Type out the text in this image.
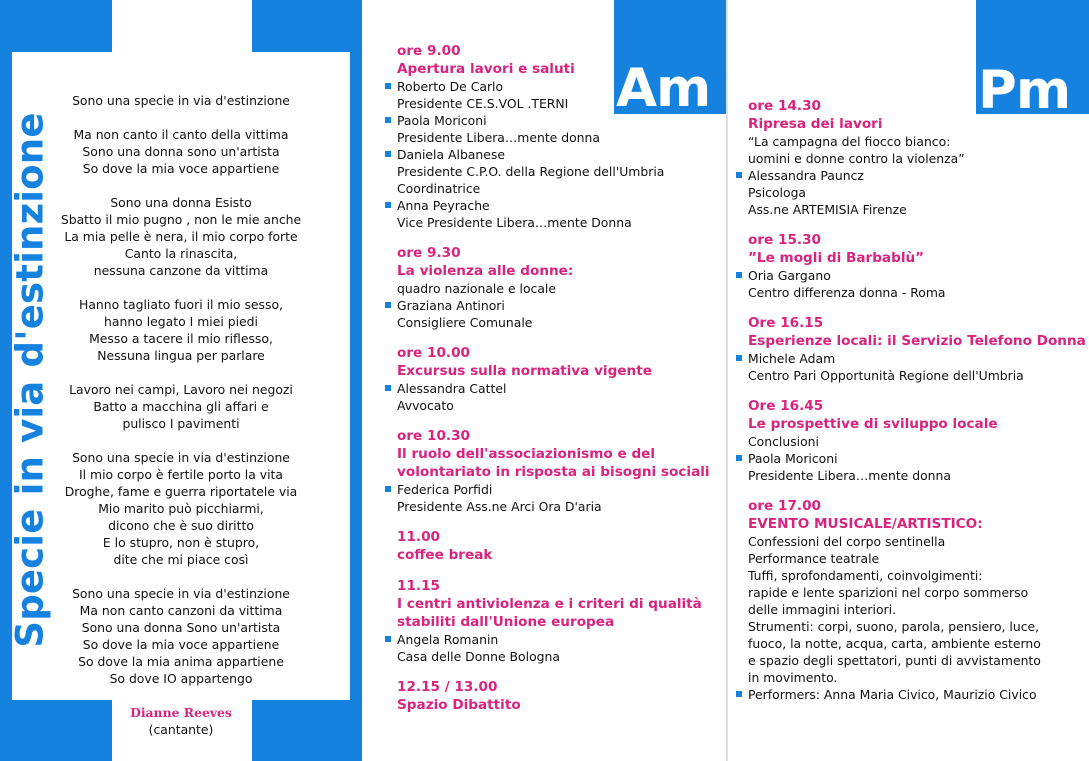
Specie in via d'estinzione
Sono una specie in via d'estinzione
Ma non canto il canto della vittima
Sono una donna sono un'artista
So dove la mia voce appartiene
Sono una donna Esisto
Sbatto il mio pugno , non le mie anche
La mia pelle è nera, il mio corpo forte
Canto la rinascita,
nessuna canzone da vittima
Hanno tagliato fuori il mio sesso,
hanno legato I miei piedi
Messo a tacere il mio riflesso,
Nessuna lingua per parlare
Lavoro nei campi, Lavoro nei negozi
Batto a macchina gli affari e
pulisco I pavimenti
Sono una specie in via d'estinzione
Il mio corpo è fertile porto la vita
Droghe, fame e guerra riportatele via
Mio marito può picchiarmi,
dicono che è suo diritto
E lo stupro, non è stupro,
dite che mi piace così
Sono una specie in via d'estinzione
Ma non canto canzoni da vittima
Sono una donna Sono un'artista
So dove la mia voce appartiene
So dove la mia anima appartiene
So dove IO appartengo
Dianne Reeves
(cantante)
Am
ore 9.00
Apertura lavori e saluti
Roberto De Carlo
Presidente CE.S.VOL .TERNI
Paola Moriconi
Presidente Libera…mente donna
Daniela Albanese
Presidente C.P.O. della Regione dell'Umbria
Coordinatrice
Anna Peyrache
Vice Presidente Libera…mente Donna
ore 9.30
La violenza alle donne:
quadro nazionale e locale
Graziana Antinori
Consigliere Comunale
ore 10.00
Excursus sulla normativa vigente
Alessandra Cattel
Avvocato
ore 10.30
Il ruolo dell'associazionismo e del
volontariato in risposta ai bisogni sociali
Federica Porfidi
Presidente Ass.ne Arci Ora D'aria
11.00
coffee break
11.15
I centri antiviolenza e i criteri di qualità
stabiliti dall'Unione europea
Angela Romanin
Casa delle Donne Bologna
12.15 / 13.00
Spazio Dibattito
Pm
ore 14.30
Ripresa dei lavori
“La campagna del fiocco bianco:
uomini e donne contro la violenza”
Alessandra Pauncz
Psicologa
Ass.ne ARTEMISIA Firenze
ore 15.30
”Le mogli di Barbablù”
Oria Gargano
Centro differenza donna - Roma
Ore 16.15
Esperienze locali: il Servizio Telefono Donna
Michele Adam
Centro Pari Opportunità Regione dell'Umbria
Ore 16.45
Le prospettive di sviluppo locale
Conclusioni
Paola Moriconi
Presidente Libera…mente donna
ore 17.00
EVENTO MUSICALE/ARTISTICO:
Confessioni del corpo sentinella
Performance teatrale
Tuffi, sprofondamenti, coinvolgimenti:
rapide e lente sparizioni nel corpo sommerso
delle immagini interiori.
Strumenti: corpi, suono, parola, pensiero, luce,
fuoco, la notte, acqua, carta, ambiente esterno
e spazio degli spettatori, punti di avvistamento
in movimento.
Performers: Anna Maria Civico, Maurizio Civico
